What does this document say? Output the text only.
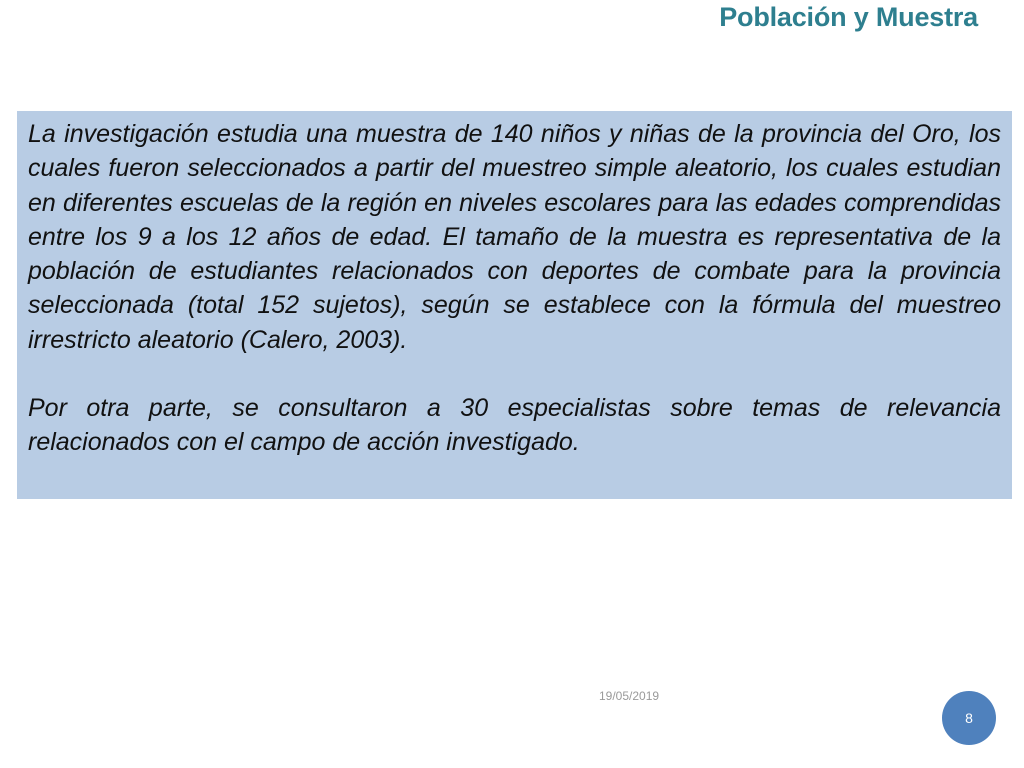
Población y Muestra

La investigación estudia una muestra de 140 niños y niñas de la provincia del Oro, los cuales fueron seleccionados a partir del muestreo simple aleatorio, los cuales estudian en diferentes escuelas de la región en niveles escolares para las edades comprendidas entre los 9 a los 12 años de edad. El tamaño de la muestra es representativa de la población de estudiantes relacionados con deportes de combate para la provincia seleccionada (total 152 sujetos), según se establece con la fórmula del muestreo irrestricto aleatorio (Calero, 2003).

Por otra parte, se consultaron a 30 especialistas sobre temas de relevancia relacionados con el campo de acción investigado.

19/05/2019
8
